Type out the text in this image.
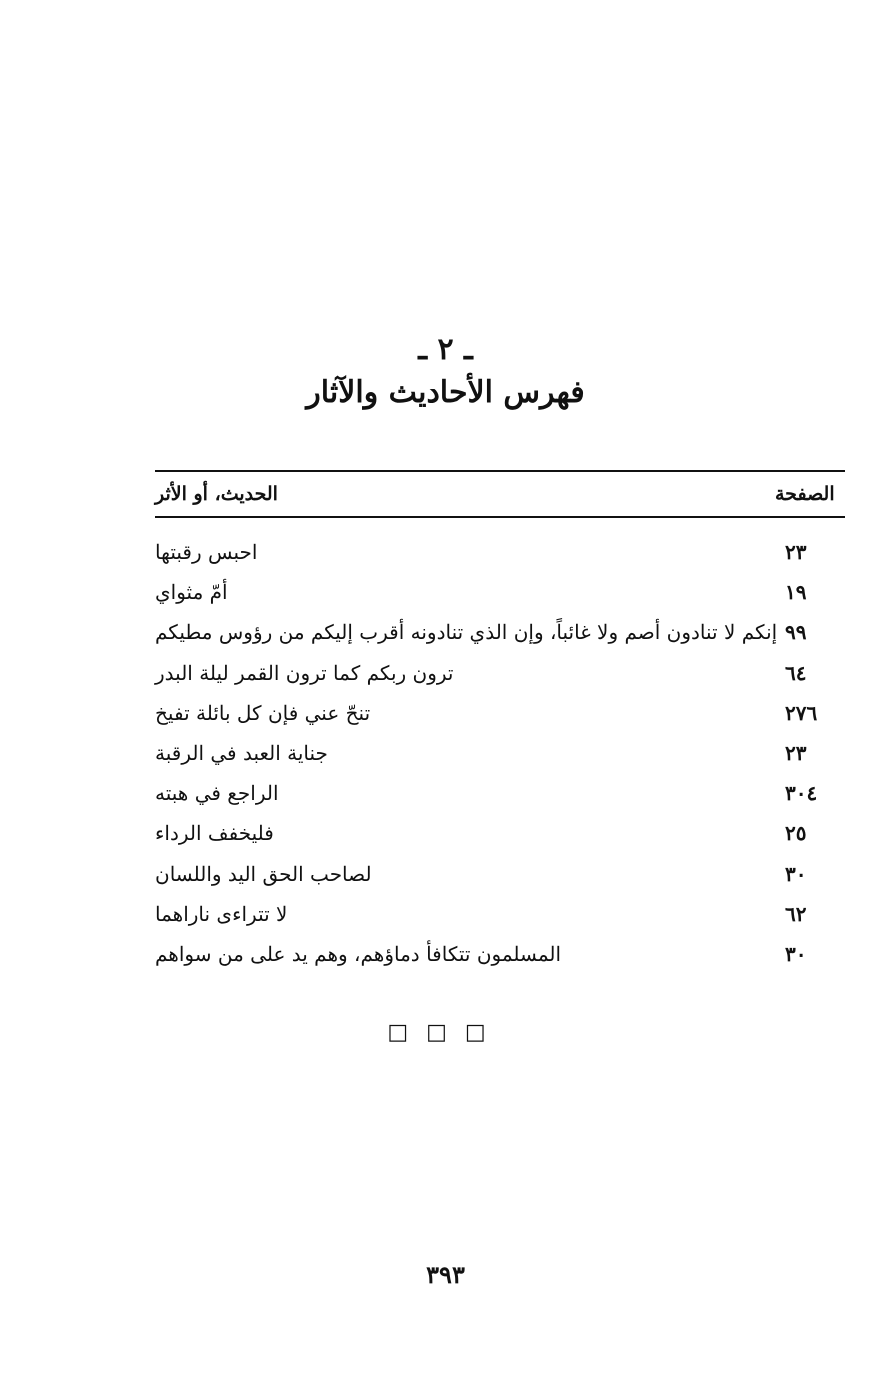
ـ ٢ ـ
فهرس الأحاديث والآثار
الحديث، أو الأثر	الصفحة
احبس رقبتها	٢٣
أمّ مثواي	١٩
إنكم لا تنادون أصم ولا غائباً، وإن الذي تنادونه أقرب إليكم من رؤوس مطيكم ٩٩
ترون ربكم كما ترون القمر ليلة البدر	٦٤
تنحّ عني فإن كل بائلة تفيخ	٢٧٦
جناية العبد في الرقبة	٢٣
الراجع في هبته	٣٠٤
فليخفف الرداء	٢٥
لصاحب الحق اليد واللسان	٣٠
لا تتراءى ناراهما	٦٢
المسلمون تتكافأ دماؤهم، وهم يد على من سواهم	٣٠
□□□
٣٩٣
